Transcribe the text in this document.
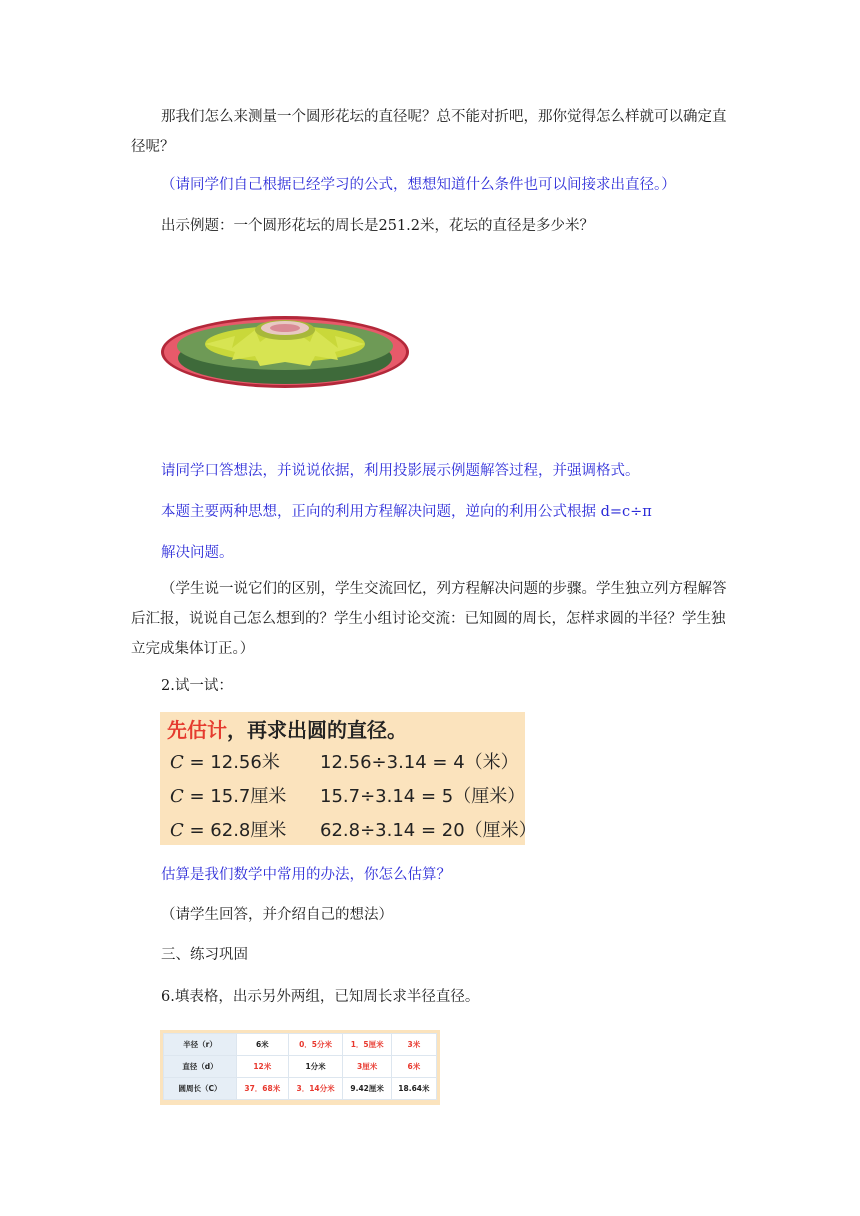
那我们怎么来测量一个圆形花坛的直径呢？总不能对折吧，那你觉得怎么样就可以确定直径呢？

（请同学们自己根据已经学习的公式，想想知道什么条件也可以间接求出直径。）

出示例题：一个圆形花坛的周长是251.2米，花坛的直径是多少米？

请同学口答想法，并说说依据，利用投影展示例题解答过程，并强调格式。

本题主要两种思想，正向的利用方程解决问题，逆向的利用公式根据 d=c÷π

解决问题。

（学生说一说它们的区别，学生交流回忆，列方程解决问题的步骤。学生独立列方程解答后汇报，说说自己怎么想到的？学生小组讨论交流：已知圆的周长，怎样求圆的半径？学生独立完成集体订正。）

2.试一试：

先估计，再求出圆的直径。
C = 12.56米 12.56÷3.14 = 4（米）
C = 15.7厘米 15.7÷3.14 = 5（厘米）
C = 62.8厘米 62.8÷3.14 = 20（厘米）

估算是我们数学中常用的办法，你怎么估算？

（请学生回答，并介绍自己的想法）

三、练习巩固

6.填表格，出示另外两组，已知周长求半径直径。

半径（r）	6米	0．5分米	1．5厘米	3米
直径（d）	12米	1分米	3厘米	6米
圆周长（C）	37．68米	3．14分米	9.42厘米	18.64米
